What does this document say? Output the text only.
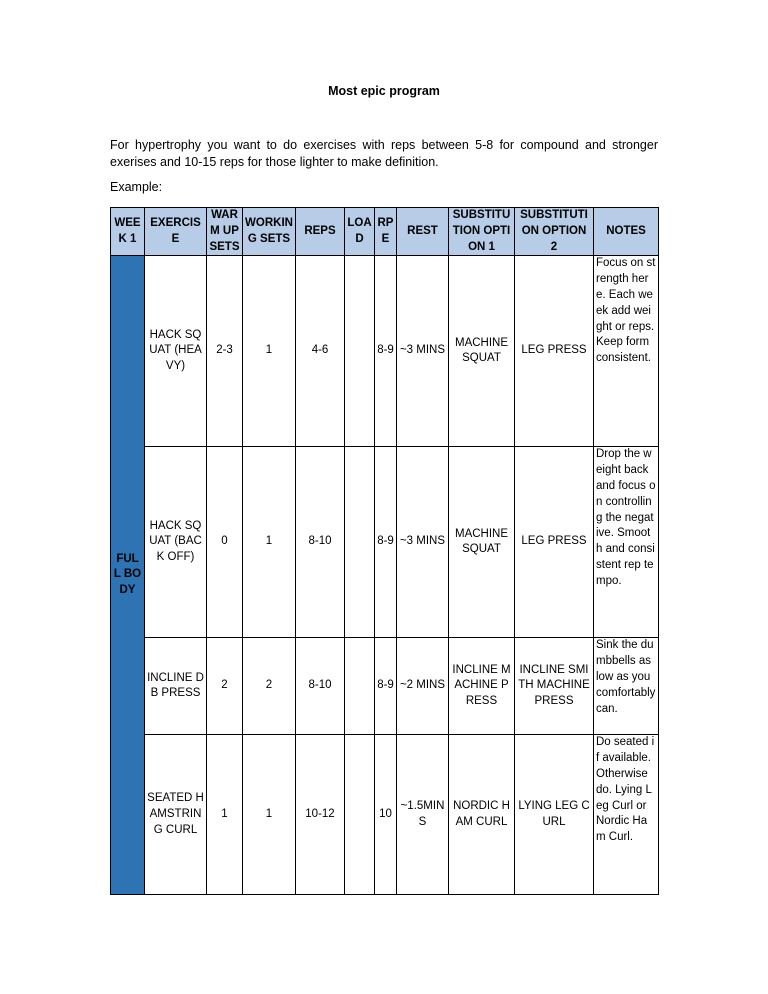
Most epic program
For hypertrophy you want to do exercises with reps between 5-8 for compound and stronger exerises and 10-15 reps for those lighter to make definition.
Example:
WEEK 1	EXERCISE	WARM UP SETS	WORKING SETS	REPS	LOAD	RPE	REST	SUBSTITUTION OPTION 1	SUBSTITUTION OPTION 2	NOTES
FULL BODY	HACK SQUAT (HEAVY)	2-3	1	4-6		8-9	~3 MINS	MACHINE SQUAT	LEG PRESS	Focus on strength here. Each week add weight or reps. Keep form consistent.
	HACK SQUAT (BACK OFF)	0	1	8-10		8-9	~3 MINS	MACHINE SQUAT	LEG PRESS	Drop the weight back and focus on controlling the negative. Smooth and consistent rep tempo.
	INCLINE DB PRESS	2	2	8-10		8-9	~2 MINS	INCLINE MACHINE PRESS	INCLINE SMITH MACHINE PRESS	Sink the dumbbells as low as you comfortably can.
	SEATED HAMSTRING CURL	1	1	10-12		10	~1.5MINS	NORDIC HAM CURL	LYING LEG CURL	Do seated if available. Otherwise do. Lying Leg Curl or Nordic Ham Curl.
